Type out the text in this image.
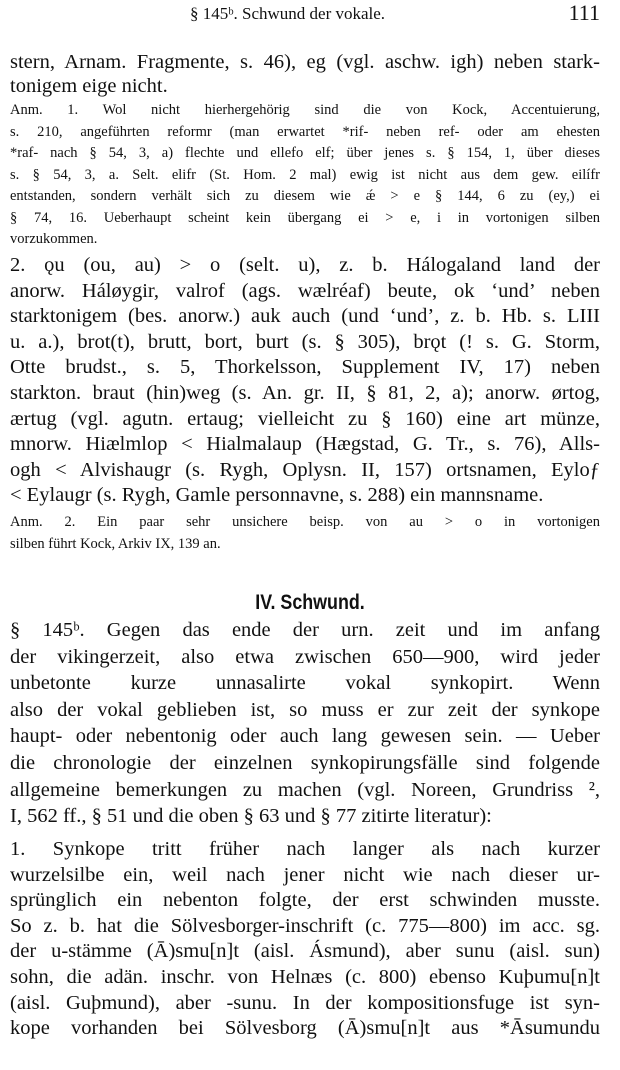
§ 145ᵇ. Schwund der vokale.	111
stern, Arnam. Fragmente, s. 46), eg (vgl. aschw. igh) neben stark-
tonigem eige nicht.
Anm. 1. Wol nicht hierhergehörig sind die von Kock, Accentuierung,
s. 210, angeführten reformr (man erwartet *rif- neben ref- oder am ehesten
*raf- nach § 54, 3, a) flechte und ellefo elf; über jenes s. § 154, 1, über dieses
s. § 54, 3, a. Selt. elifr (St. Hom. 2 mal) ewig ist nicht aus dem gew. eilífr
entstanden, sondern verhält sich zu diesem wie ǽ > e § 144, 6 zu (ey,) ei
§ 74, 16. Ueberhaupt scheint kein übergang ei > e, i in vortonigen silben
vorzukommen.
2. ǫu (ou, au) > o (selt. u), z. b. Hálogaland land der
anorw. Háløygir, valrof (ags. wælréaf) beute, ok ‘und’ neben
starktonigem (bes. anorw.) auk auch (und ‘und’, z. b. Hb. s. LIII
u. a.), brot(t), brutt, bort, burt (s. § 305), brǫt (! s. G. Storm,
Otte brudst., s. 5, Thorkelsson, Supplement IV, 17) neben
starkton. braut (hin)weg (s. An. gr. II, § 81, 2, a); anorw. ørtog,
ærtug (vgl. agutn. ertaug; vielleicht zu § 160) eine art münze,
mnorw. Hiælmlop < Hialmalaup (Hægstad, G. Tr., s. 76), Alls-
ogh < Alvishaugr (s. Rygh, Oplysn. II, 157) ortsnamen, Eyloƒ
< Eylaugr (s. Rygh, Gamle personnavne, s. 288) ein mannsname.
Anm. 2. Ein paar sehr unsichere beisp. von au > o in vortonigen
silben führt Kock, Arkiv IX, 139 an.
IV. Schwund.
§ 145ᵇ. Gegen das ende der urn. zeit und im anfang
der vikingerzeit, also etwa zwischen 650—900, wird jeder
unbetonte kurze unnasalirte vokal synkopirt. Wenn
also der vokal geblieben ist, so muss er zur zeit der synkope
haupt- oder nebentonig oder auch lang gewesen sein. — Ueber
die chronologie der einzelnen synkopirungsfälle sind folgende
allgemeine bemerkungen zu machen (vgl. Noreen, Grundriss ²,
I, 562 ff., § 51 und die oben § 63 und § 77 zitirte literatur):
1. Synkope tritt früher nach langer als nach kurzer
wurzelsilbe ein, weil nach jener nicht wie nach dieser ur-
sprünglich ein nebenton folgte, der erst schwinden musste.
So z. b. hat die Sölvesborger-inschrift (c. 775—800) im acc. sg.
der u-stämme (Ā)smu[n]t (aisl. Ásmund), aber sunu (aisl. sun)
sohn, die adän. inschr. von Helnæs (c. 800) ebenso Kuþumu[n]t
(aisl. Guþmund), aber -sunu. In der kompositionsfuge ist syn-
kope vorhanden bei Sölvesborg (Ā)smu[n]t aus *Āsumundu
